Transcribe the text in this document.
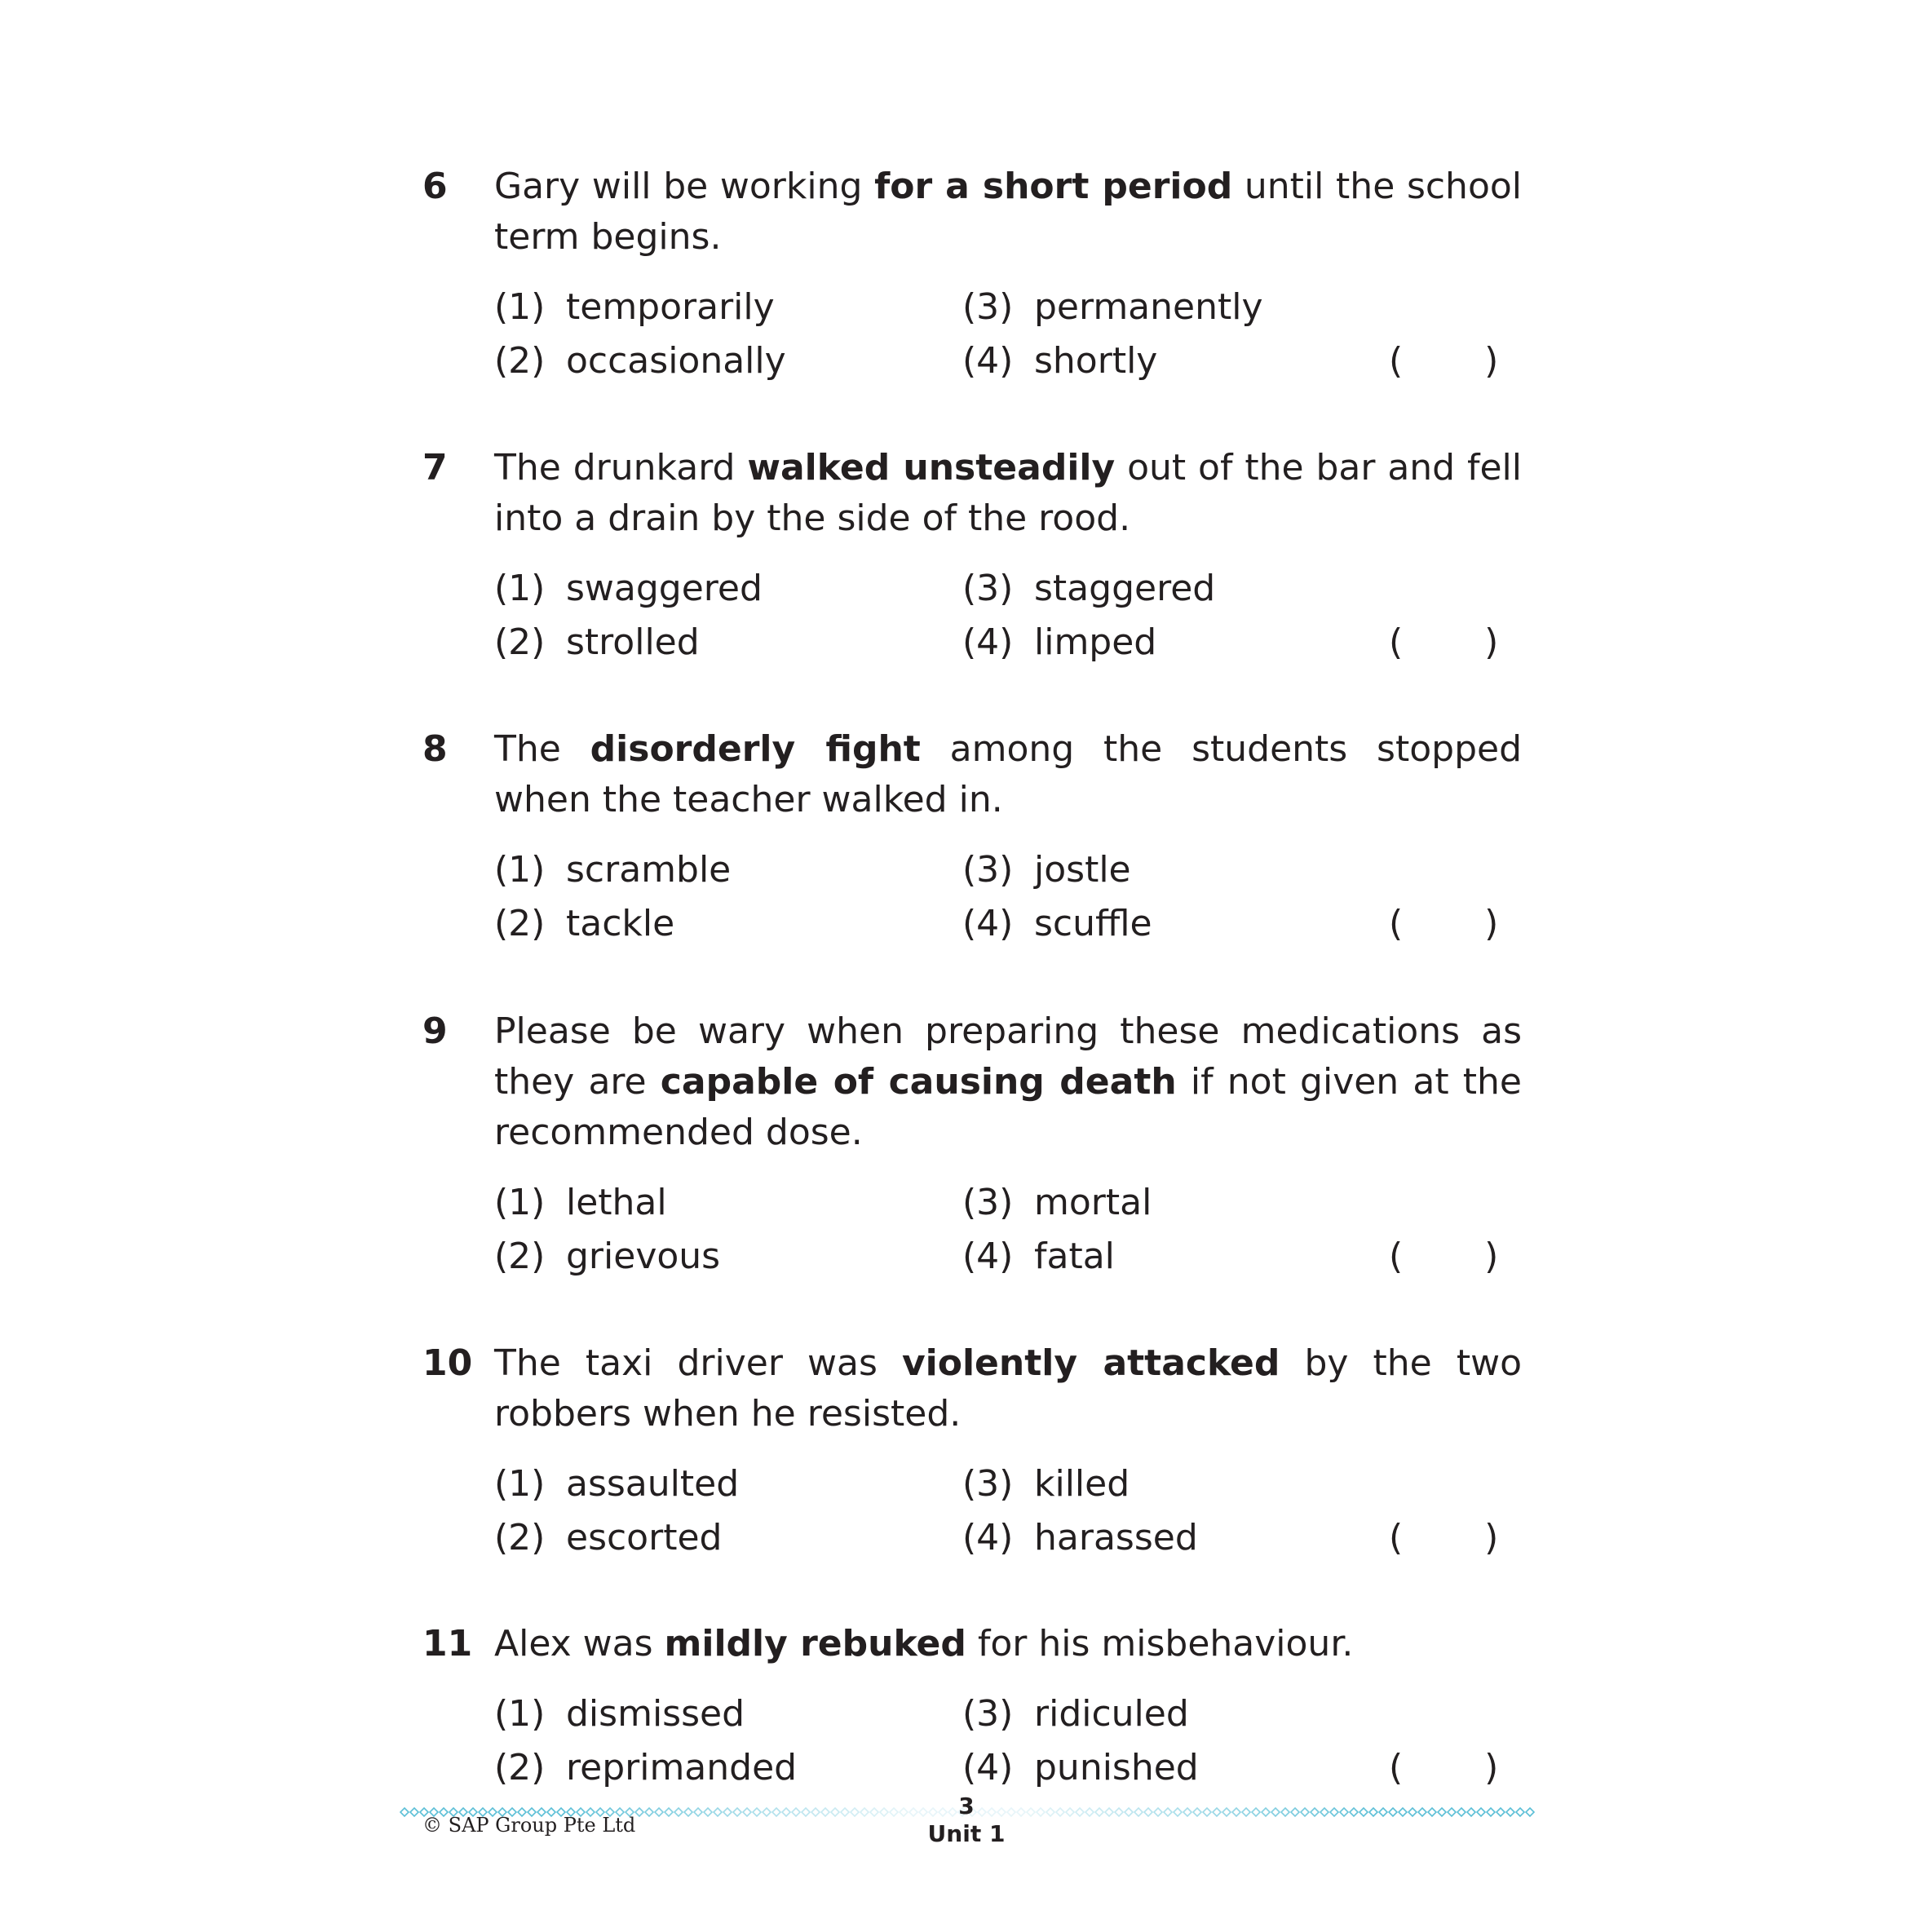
6 Gary will be working for a short period until the school term begins.
(1) temporarily
(2) occasionally
(3) permanently
(4) shortly	( )
7 The drunkard walked unsteadily out of the bar and fell into a drain by the side of the rood.
(1) swaggered
(2) strolled
(3) staggered
(4) limped	( )
8 The disorderly fight among the students stopped when the teacher walked in.
(1) scramble
(2) tackle
(3) jostle
(4) scuffle	( )
9 Please be wary when preparing these medications as they are capable of causing death if not given at the recommended dose.
(1) lethal
(2) grievous
(3) mortal
(4) fatal	( )
10 The taxi driver was violently attacked by the two robbers when he resisted.
(1) assaulted
(2) escorted
(3) killed
(4) harassed	( )
11 Alex was mildly rebuked for his misbehaviour.
(1) dismissed
(2) reprimanded
(3) ridiculed
(4) punished	( )
3
Unit 1
© SAP Group Pte Ltd
